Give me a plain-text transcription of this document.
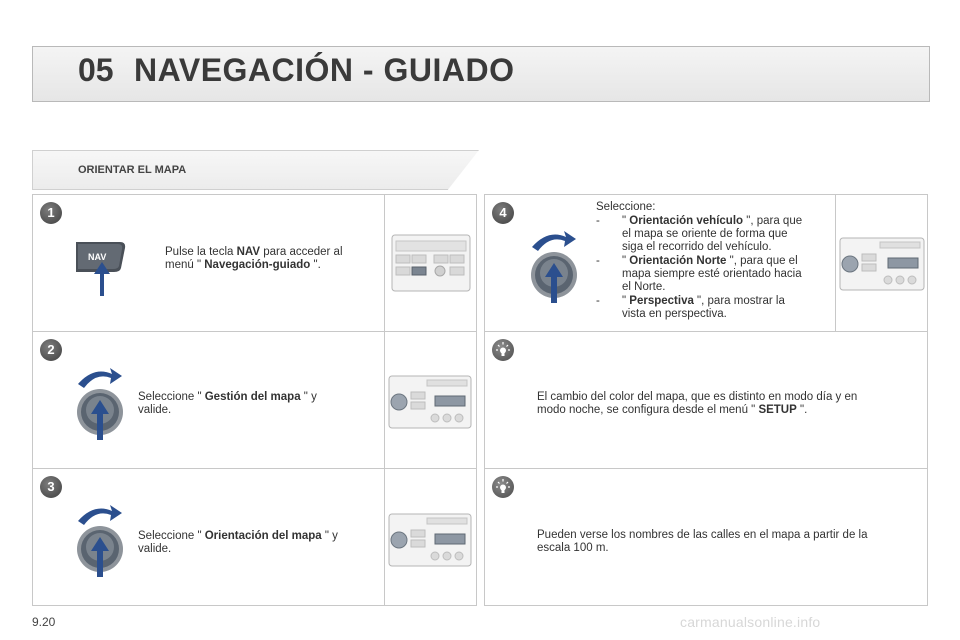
05 NAVEGACIÓN - GUIADO
ORIENTAR EL MAPA
1
2
3
4
NAV	Pulse la tecla NAV para acceder al
menú " Navegación-guiado ".
Seleccione " Gestión del mapa " y
valide.
Seleccione " Orientación del mapa " y
valide.
Seleccione:
- " Orientación vehículo ", para que
el mapa se oriente de forma que
siga el recorrido del vehículo.
- " Orientación Norte ", para que el
mapa siempre esté orientado hacia
el Norte.
- " Perspectiva ", para mostrar la
vista en perspectiva.
El cambio del color del mapa, que es distinto en modo día y en
modo noche, se configura desde el menú " SETUP ".
Pueden verse los nombres de las calles en el mapa a partir de la
escala 100 m.
9.20	carmanualsonline.info
